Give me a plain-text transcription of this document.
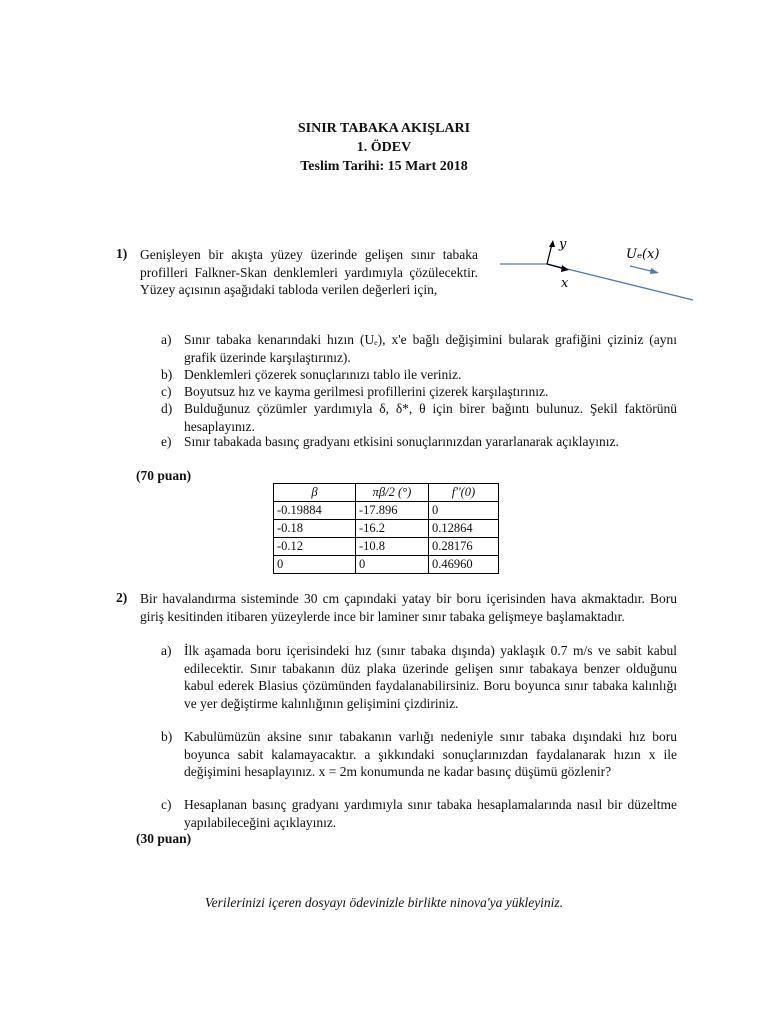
SINIR TABAKA AKIŞLARI
1. ÖDEV
Teslim Tarihi: 15 Mart 2018
1) Genişleyen bir akışta yüzey üzerinde gelişen sınır tabaka profilleri Falkner-Skan denklemleri yardımıyla çözülecektir. Yüzey açısının aşağıdaki tabloda verilen değerleri için,
y
x
Uₑ(x)
a) Sınır tabaka kenarındaki hızın (Uₑ), x'e bağlı değişimini bularak grafiğini çiziniz (aynı grafik üzerinde karşılaştırınız).
b) Denklemleri çözerek sonuçlarınızı tablo ile veriniz.
c) Boyutsuz hız ve kayma gerilmesi profillerini çizerek karşılaştırınız.
d) Bulduğunuz çözümler yardımıyla δ, δ*, θ için birer bağıntı bulunuz. Şekil faktörünü hesaplayınız.
e) Sınır tabakada basınç gradyanı etkisini sonuçlarınızdan yararlanarak açıklayınız.
(70 puan)
β	πβ/2 (°)	f''(0)
-0.19884	-17.896	0
-0.18	-16.2	0.12864
-0.12	-10.8	0.28176
0	0	0.46960
2) Bir havalandırma sisteminde 30 cm çapındaki yatay bir boru içerisinden hava akmaktadır. Boru giriş kesitinden itibaren yüzeylerde ince bir laminer sınır tabaka gelişmeye başlamaktadır.
a) İlk aşamada boru içerisindeki hız (sınır tabaka dışında) yaklaşık 0.7 m/s ve sabit kabul edilecektir. Sınır tabakanın düz plaka üzerinde gelişen sınır tabakaya benzer olduğunu kabul ederek Blasius çözümünden faydalanabilirsiniz. Boru boyunca sınır tabaka kalınlığı ve yer değiştirme kalınlığının gelişimini çizdiriniz.
b) Kabulümüzün aksine sınır tabakanın varlığı nedeniyle sınır tabaka dışındaki hız boru boyunca sabit kalamayacaktır. a şıkkındaki sonuçlarınızdan faydalanarak hızın x ile değişimini hesaplayınız. x = 2m konumunda ne kadar basınç düşümü gözlenir?
c) Hesaplanan basınç gradyanı yardımıyla sınır tabaka hesaplamalarında nasıl bir düzeltme yapılabileceğini açıklayınız.
(30 puan)
Verilerinizi içeren dosyayı ödevinizle birlikte ninova'ya yükleyiniz.
